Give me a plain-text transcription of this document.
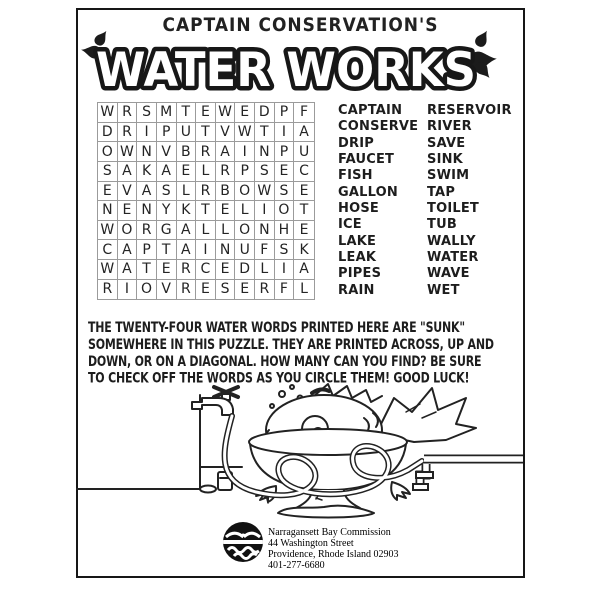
CAPTAIN CONSERVATION'S
WATER WORKS
W R S M T E W E D P F
D R I P U T V W T I A
O W N V B R A I N P U
S A K A E L R P S E C
E V A S L R B O W S E
N E N Y K T E L I O T
W O R G A L L O N H E
C A P T A I N U F S K
W A T E R C E D L I A
R I O V R E S E R F L
CAPTAIN
CONSERVE
DRIP
FAUCET
FISH
GALLON
HOSE
ICE
LAKE
LEAK
PIPES
RAIN
RESERVOIR
RIVER
SAVE
SINK
SWIM
TAP
TOILET
TUB
WALLY
WATER
WAVE
WET
THE TWENTY-FOUR WATER WORDS PRINTED HERE ARE "SUNK"
SOMEWHERE IN THIS PUZZLE. THEY ARE PRINTED ACROSS, UP AND
DOWN, OR ON A DIAGONAL. HOW MANY CAN YOU FIND? BE SURE
TO CHECK OFF THE WORDS AS YOU CIRCLE THEM! GOOD LUCK!
Narragansett Bay Commission
44 Washington Street
Providence, Rhode Island 02903
401-277-6680
